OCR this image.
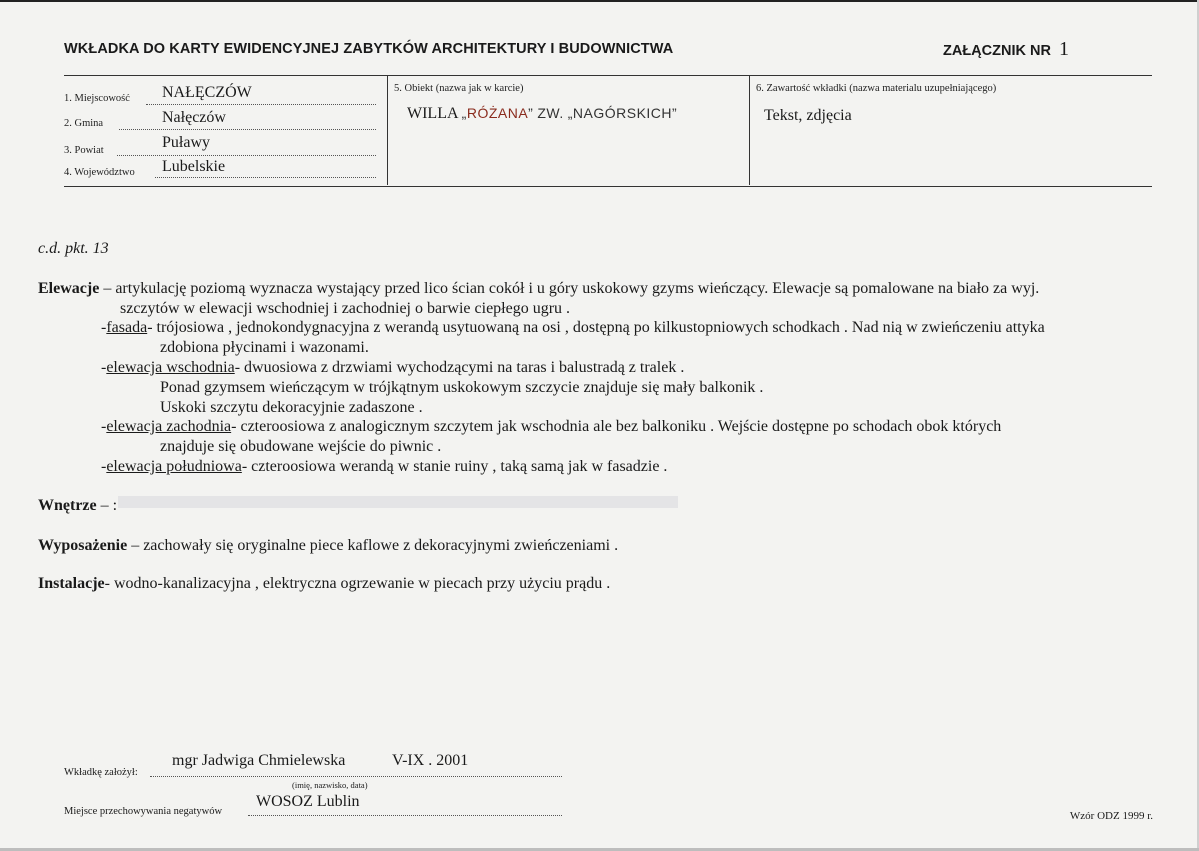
WKŁADKA DO KARTY EWIDENCYJNEJ ZABYTKÓW ARCHITEKTURY I BUDOWNICTWA	ZAŁĄCZNIK NR 1
1. Miejscowość NAŁĘCZÓW
2. Gmina	Nałęczów
3. Powiat	Puławy
4. Województwo Lubelskie
5. Obiekt (nazwa jak w karcie)
WILLA „RÓŻANA” ZW. „NAGÓRSKICH”
6. Zawartość wkładki (nazwa materialu uzupełniającego)
Tekst, zdjęcia
c.d. pkt. 13
Elewacje – artykulację poziomą wyznacza wystający przed lico ścian cokół i u góry uskokowy gzyms wieńczący. Elewacje są pomalowane na biało za wyj.
szczytów w elewacji wschodniej i zachodniej o barwie ciepłego ugru .
-fasada- trójosiowa , jednokondygnacyjna z werandą usytuowaną na osi , dostępną po kilkustopniowych schodkach . Nad nią w zwieńczeniu attyka
zdobiona płycinami i wazonami.
-elewacja wschodnia- dwuosiowa z drzwiami wychodzącymi na taras i balustradą z tralek .
Ponad gzymsem wieńczącym w trójkątnym uskokowym szczycie znajduje się mały balkonik .
Uskoki szczytu dekoracyjnie zadaszone .
-elewacja zachodnia- czteroosiowa z analogicznym szczytem jak wschodnia ale bez balkoniku . Wejście dostępne po schodach obok których
znajduje się obudowane wejście do piwnic .
-elewacja południowa- czteroosiowa werandą w stanie ruiny , taką samą jak w fasadzie .
Wnętrze – :
Wyposażenie – zachowały się oryginalne piece kaflowe z dekoracyjnymi zwieńczeniami .
Instalacje- wodno-kanalizacyjna , elektryczna ogrzewanie w piecach przy użyciu prądu .
Wkładkę założył:
mgr Jadwiga Chmielewska	V-IX . 2001
(imię, nazwisko, data)
Miejsce przechowywania negatywów
WOSOZ Lublin
Wzór ODZ 1999 r.
